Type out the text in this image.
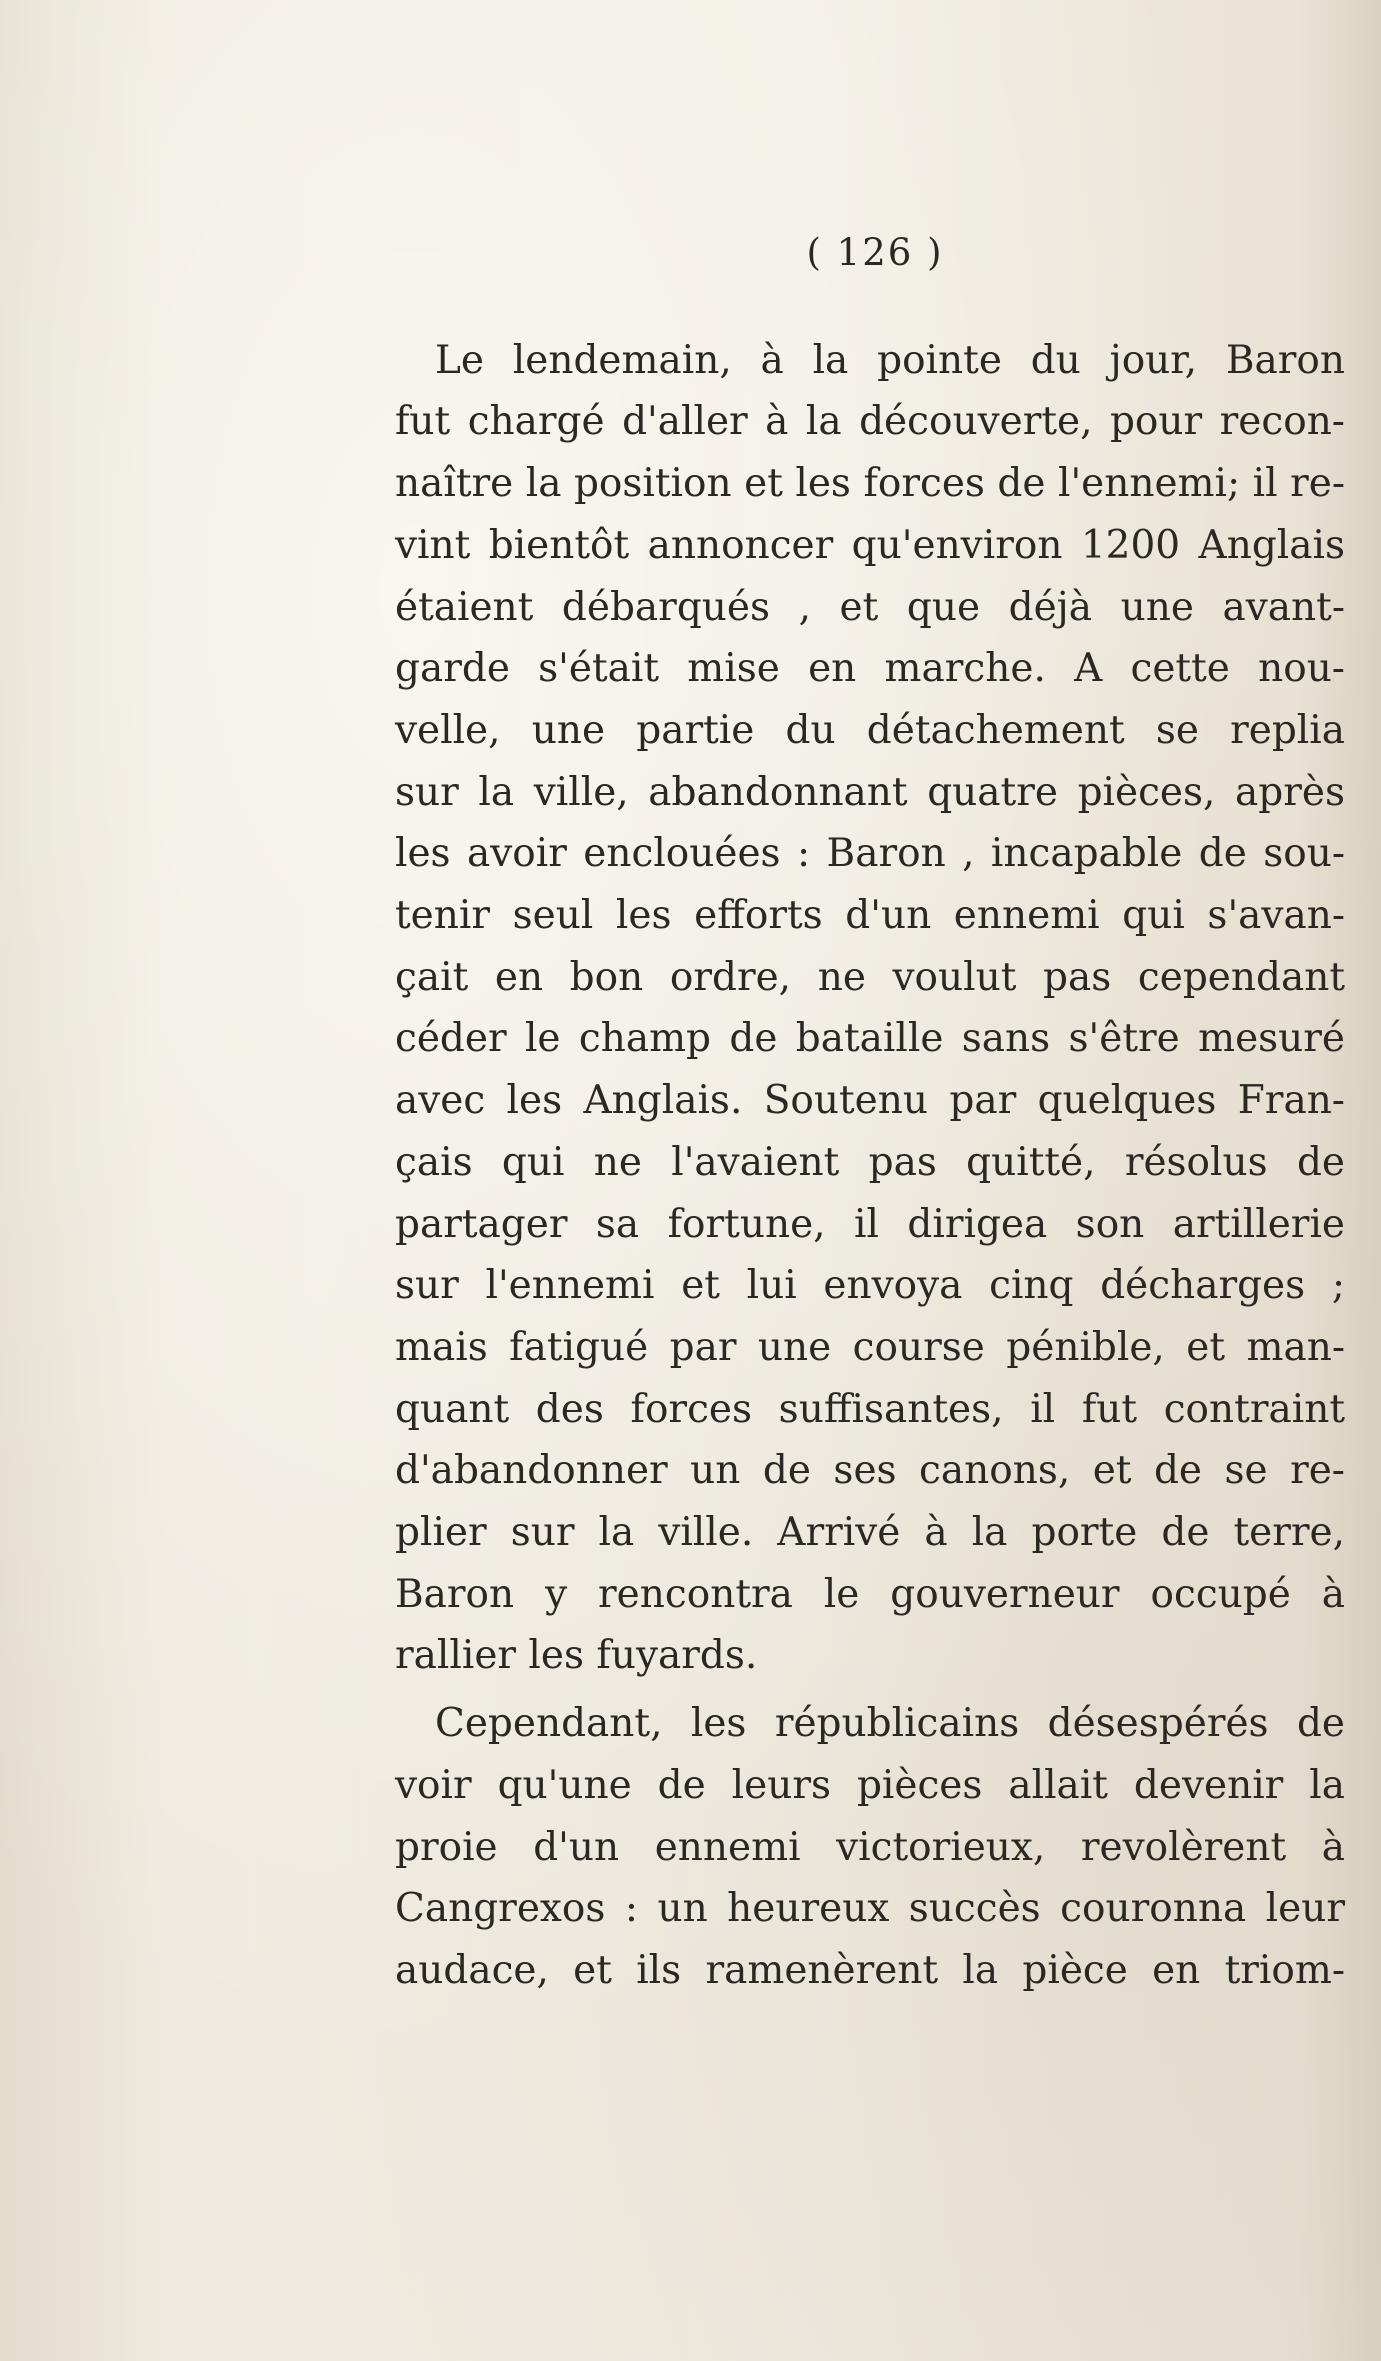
( 126 )

Le lendemain, à la pointe du jour, Baron
fut chargé d'aller à la découverte, pour recon-
naître la position et les forces de l'ennemi; il re-
vint bientôt annoncer qu'environ 1200 Anglais
étaient débarqués , et que déjà une avant-
garde s'était mise en marche. A cette nou-
velle, une partie du détachement se replia
sur la ville, abandonnant quatre pièces, après
les avoir enclouées : Baron , incapable de sou-
tenir seul les efforts d'un ennemi qui s'avan-
çait en bon ordre, ne voulut pas cependant
céder le champ de bataille sans s'être mesuré
avec les Anglais. Soutenu par quelques Fran-
çais qui ne l'avaient pas quitté, résolus de
partager sa fortune, il dirigea son artillerie
sur l'ennemi et lui envoya cinq décharges ;
mais fatigué par une course pénible, et man-
quant des forces suffisantes, il fut contraint
d'abandonner un de ses canons, et de se re-
plier sur la ville. Arrivé à la porte de terre,
Baron y rencontra le gouverneur occupé à
rallier les fuyards.

Cependant, les républicains désespérés de
voir qu'une de leurs pièces allait devenir la
proie d'un ennemi victorieux, revolèrent à
Cangrexos : un heureux succès couronna leur
audace, et ils ramenèrent la pièce en triom-
